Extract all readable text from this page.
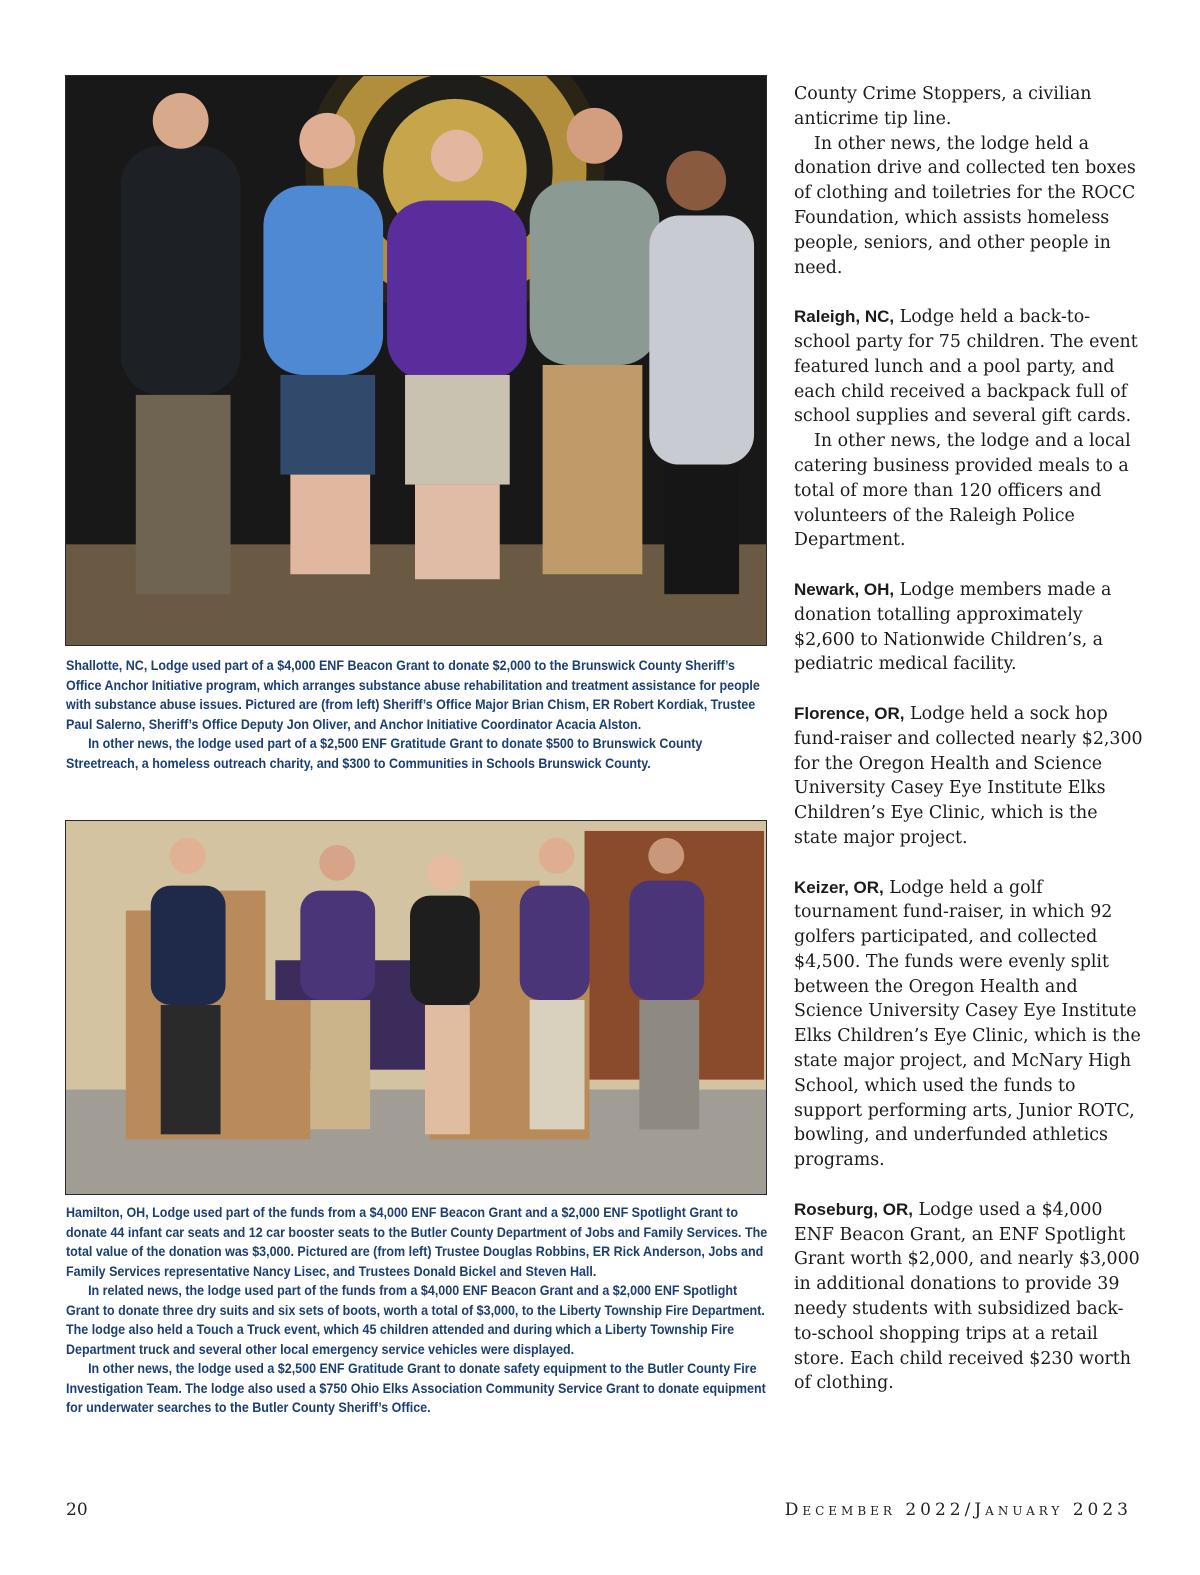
Shallotte, NC, Lodge used part of a $4,000 ENF Beacon Grant to donate $2,000 to the Brunswick County Sheriff’s Office Anchor Initiative program, which arranges substance abuse rehabilitation and treatment assistance for people with substance abuse issues. Pictured are (from left) Sheriff’s Office Major Brian Chism, ER Robert Kordiak, Trustee Paul Salerno, Sheriff’s Office Deputy Jon Oliver, and Anchor Initiative Coordinator Acacia Alston.

In other news, the lodge used part of a $2,500 ENF Gratitude Grant to donate $500 to Brunswick County Streetreach, a homeless outreach charity, and $300 to Communities in Schools Brunswick County.

Hamilton, OH, Lodge used part of the funds from a $4,000 ENF Beacon Grant and a $2,000 ENF Spotlight Grant to donate 44 infant car seats and 12 car booster seats to the Butler County Department of Jobs and Family Services. The total value of the donation was $3,000. Pictured are (from left) Trustee Douglas Robbins, ER Rick Anderson, Jobs and Family Services representative Nancy Lisec, and Trustees Donald Bickel and Steven Hall.

In related news, the lodge used part of the funds from a $4,000 ENF Beacon Grant and a $2,000 ENF Spotlight Grant to donate three dry suits and six sets of boots, worth a total of $3,000, to the Liberty Township Fire Department. The lodge also held a Touch a Truck event, which 45 children attended and during which a Liberty Township Fire Department truck and several other local emergency service vehicles were displayed.

In other news, the lodge used a $2,500 ENF Gratitude Grant to donate safety equipment to the Butler County Fire Investigation Team. The lodge also used a $750 Ohio Elks Association Community Service Grant to donate equipment for underwater searches to the Butler County Sheriff’s Office.

County Crime Stoppers, a civilian anticrime tip line.

In other news, the lodge held a donation drive and collected ten boxes of clothing and toiletries for the ROCC Foundation, which assists homeless people, seniors, and other people in need.

Raleigh, NC, Lodge held a back-to-school party for 75 children. The event featured lunch and a pool party, and each child received a backpack full of school supplies and several gift cards.

In other news, the lodge and a local catering business provided meals to a total of more than 120 officers and volunteers of the Raleigh Police Department.

Newark, OH, Lodge members made a donation totalling approximately $2,600 to Nationwide Children’s, a pediatric medical facility.

Florence, OR, Lodge held a sock hop fund-raiser and collected nearly $2,300 for the Oregon Health and Science University Casey Eye Institute Elks Children’s Eye Clinic, which is the state major project.

Keizer, OR, Lodge held a golf tournament fund-raiser, in which 92 golfers participated, and collected $4,500. The funds were evenly split between the Oregon Health and Science University Casey Eye Institute Elks Children’s Eye Clinic, which is the state major project, and McNary High School, which used the funds to support performing arts, Junior ROTC, bowling, and underfunded athletics programs.

Roseburg, OR, Lodge used a $4,000 ENF Beacon Grant, an ENF Spotlight Grant worth $2,000, and nearly $3,000 in additional donations to provide 39 needy students with subsidized back-to-school shopping trips at a retail store. Each child received $230 worth of clothing.

20	December 2022/January 2023
